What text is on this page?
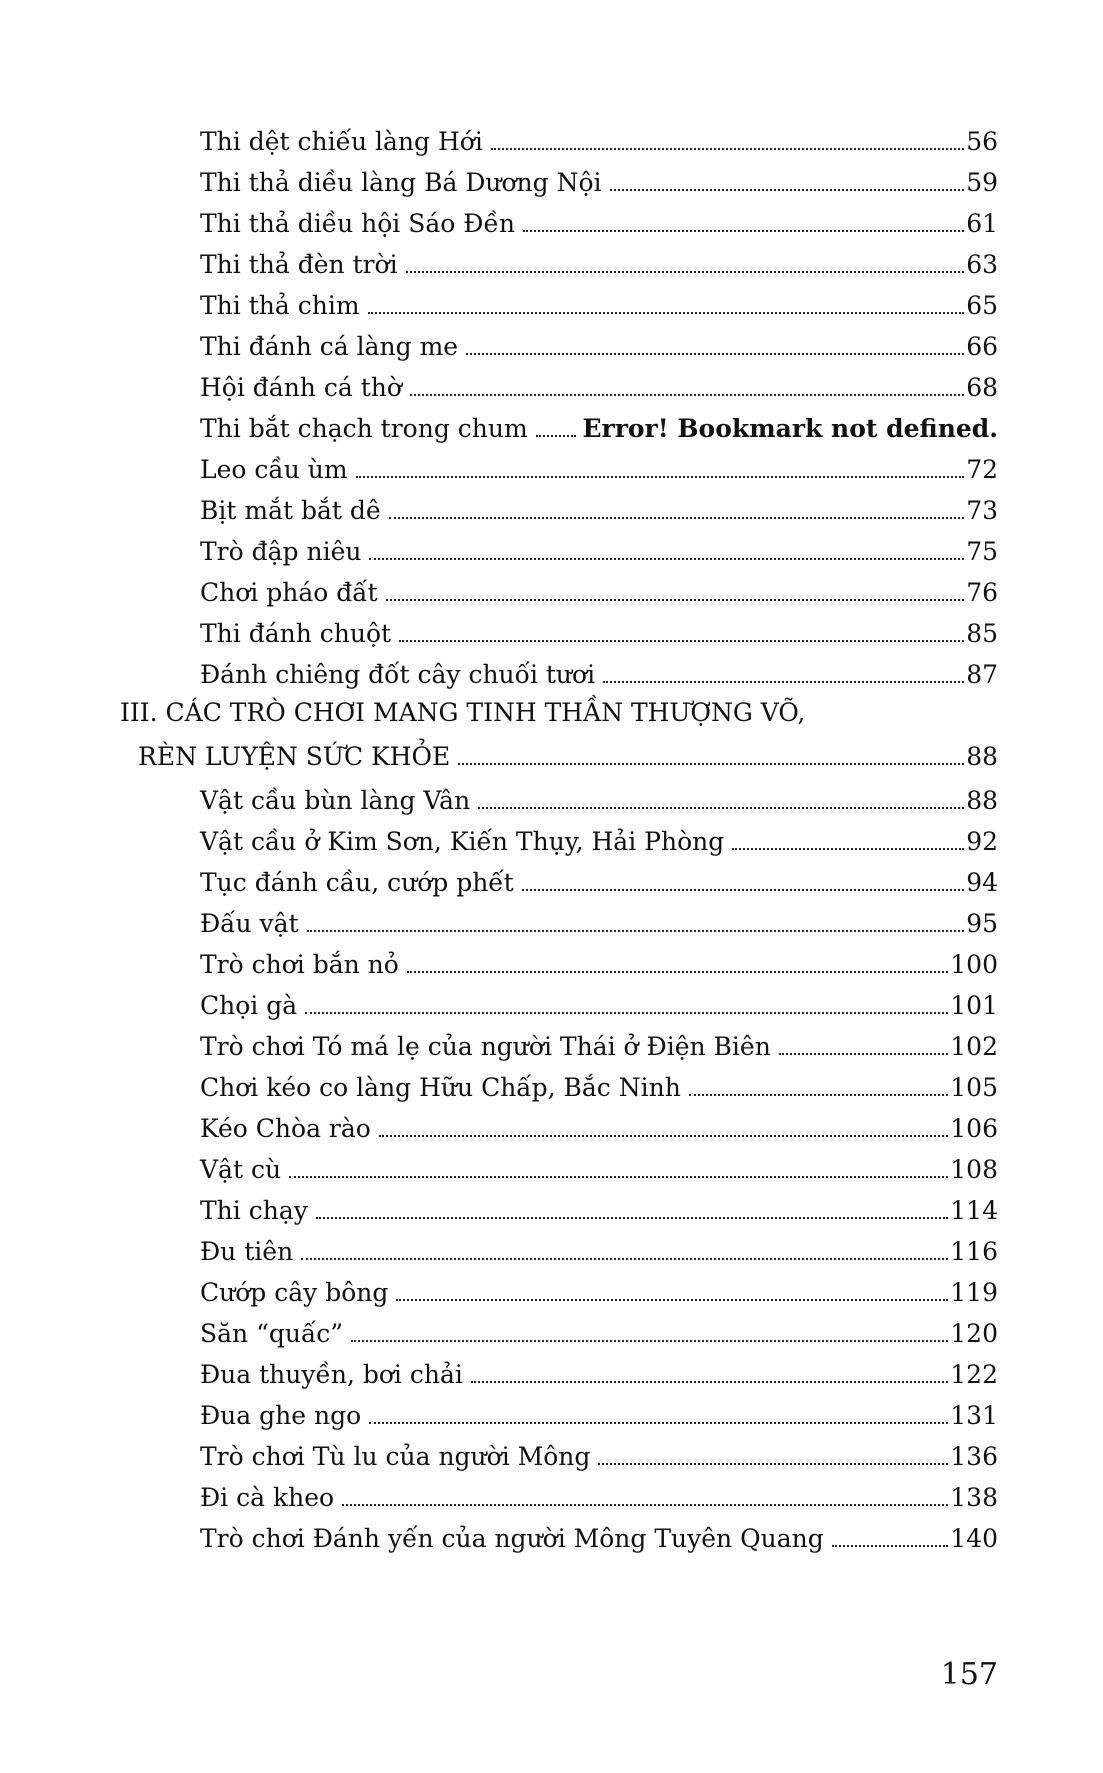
Thi dệt chiếu làng Hới	56
Thi thả diều làng Bá Dương Nội	59
Thi thả diều hội Sáo Đền	61
Thi thả đèn trời	63
Thi thả chim	65
Thi đánh cá làng me	66
Hội đánh cá thờ	68
Thi bắt chạch trong chum	Error! Bookmark not defined.
Leo cầu ùm	72
Bịt mắt bắt dê	73
Trò đập niêu	75
Chơi pháo đất	76
Thi đánh chuột	85
Đánh chiêng đốt cây chuối tươi	87
III. CÁC TRÒ CHƠI MANG TINH THẦN THƯỢNG VÕ,
RÈN LUYỆN SỨC KHỎE	88
Vật cầu bùn làng Vân	88
Vật cầu ở Kim Sơn, Kiến Thụy, Hải Phòng	92
Tục đánh cầu, cướp phết	94
Đấu vật	95
Trò chơi bắn nỏ	100
Chọi gà	101
Trò chơi Tó má lẹ của người Thái ở Điện Biên	102
Chơi kéo co làng Hữu Chấp, Bắc Ninh	105
Kéo Chòa rào	106
Vật cù	108
Thi chạy	114
Đu tiên	116
Cướp cây bông	119
Săn “quấc”	120
Đua thuyền, bơi chải	122
Đua ghe ngo	131
Trò chơi Tù lu của người Mông	136
Đi cà kheo	138
Trò chơi Đánh yến của người Mông Tuyên Quang	140
157
